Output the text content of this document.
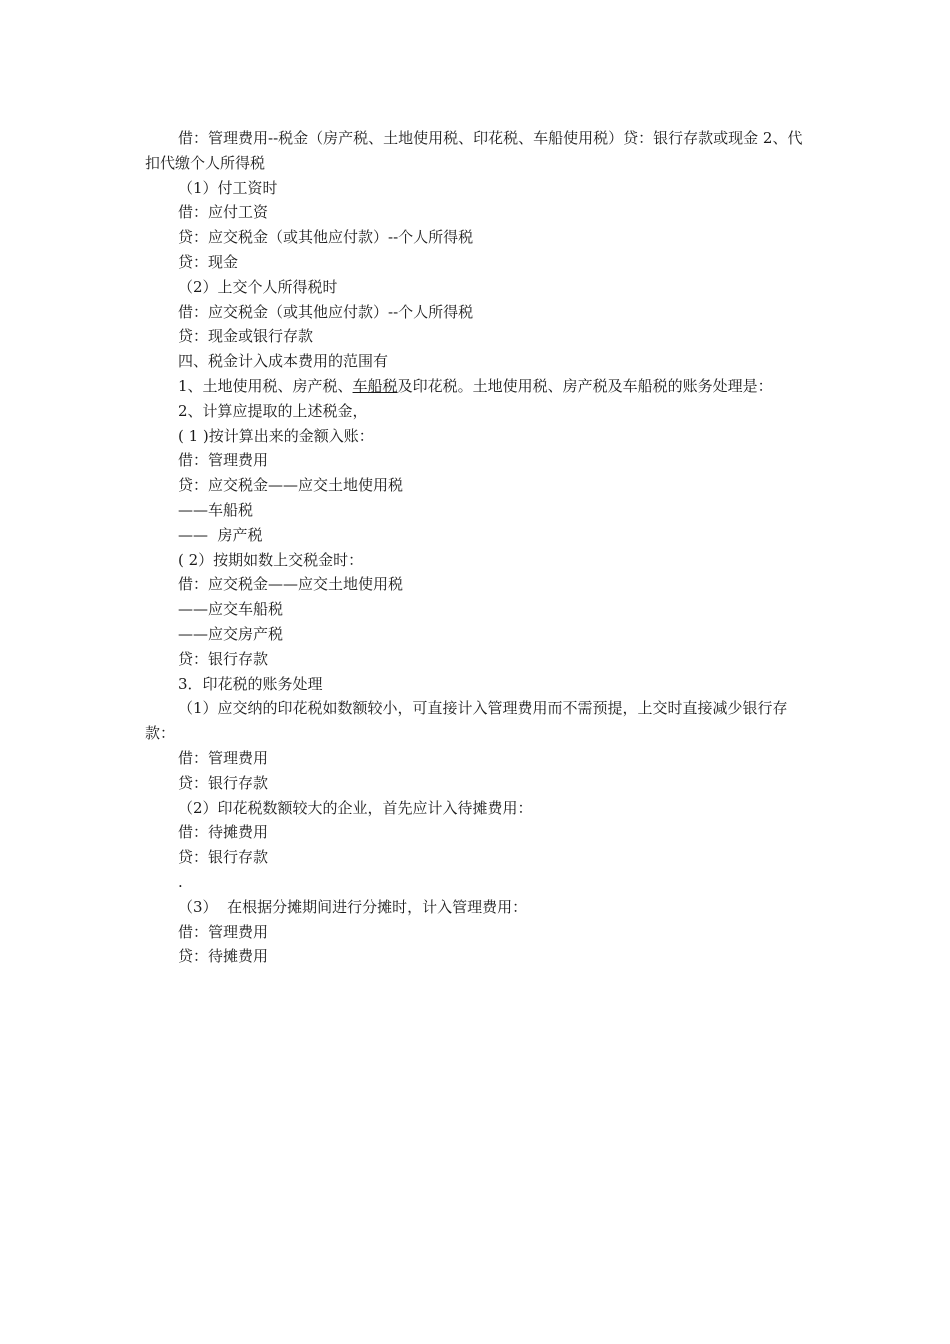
借：管理费用--税金（房产税、土地使用税、印花税、车船使用税）贷：银行存款或现金 2、代扣代缴个人所得税

（1）付工资时

借：应付工资

贷：应交税金（或其他应付款）--个人所得税

贷：现金

（2）上交个人所得税时

借：应交税金（或其他应付款）--个人所得税

贷：现金或银行存款

四、税金计入成本费用的范围有

1、土地使用税、房产税、车船税及印花税。土地使用税、房产税及车船税的账务处理是：

2、计算应提取的上述税金，

( 1 )按计算出来的金额入账：

借：管理费用

贷：应交税金——应交土地使用税

——车船税

——  房产税

( 2）按期如数上交税金时：

借：应交税金——应交土地使用税

——应交车船税

——应交房产税

贷：银行存款

3．印花税的账务处理

（1）应交纳的印花税如数额较小，可直接计入管理费用而不需预提，上交时直接减少银行存款：

借：管理费用

贷：银行存款

（2）印花税数额较大的企业，首先应计入待摊费用：

借：待摊费用

贷：银行存款

.

（3）  在根据分摊期间进行分摊时，计入管理费用：

借：管理费用

贷：待摊费用
